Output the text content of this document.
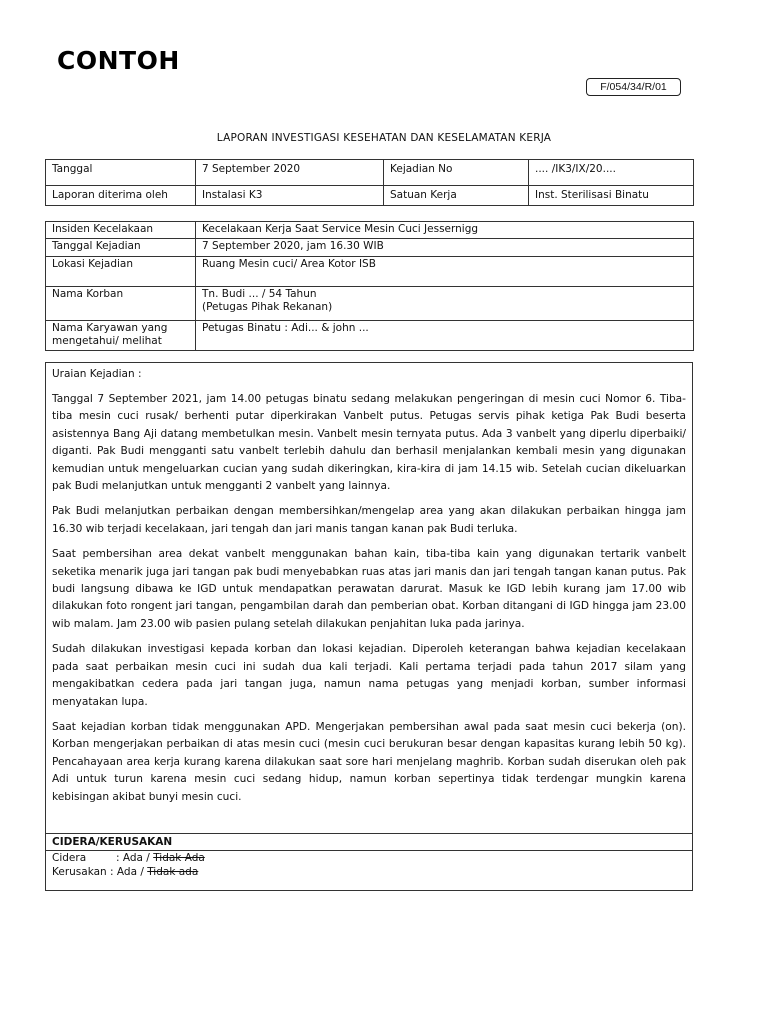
CONTOH
F/054/34/R/01
LAPORAN INVESTIGASI KESEHATAN DAN KESELAMATAN KERJA
Tanggal	7 September 2020	Kejadian No	.... /IK3/IX/20....
Laporan diterima oleh	Instalasi K3	Satuan Kerja	Inst. Sterilisasi Binatu
Insiden Kecelakaan	Kecelakaan Kerja Saat Service Mesin Cuci Jessernigg
Tanggal Kejadian	7 September 2020, jam 16.30 WIB
Lokasi Kejadian	Ruang Mesin cuci/ Area Kotor ISB
Nama Korban	Tn. Budi ... / 54 Tahun
(Petugas Pihak Rekanan)

Nama Karyawan yang
mengetahui/ melihat	Petugas Binatu : Adi... & john ...
Uraian Kejadian :

Tanggal 7 September 2021, jam 14.00 petugas binatu sedang melakukan pengeringan di mesin cuci Nomor 6. Tiba-tiba mesin cuci rusak/ berhenti putar diperkirakan Vanbelt putus. Petugas servis pihak ketiga Pak Budi beserta asistennya Bang Aji datang membetulkan mesin. Vanbelt mesin ternyata putus. Ada 3 vanbelt yang diperlu diperbaiki/ diganti. Pak Budi mengganti satu vanbelt terlebih dahulu dan berhasil menjalankan kembali mesin yang digunakan kemudian untuk mengeluarkan cucian yang sudah dikeringkan, kira-kira di jam 14.15 wib. Setelah cucian dikeluarkan pak Budi melanjutkan untuk mengganti 2 vanbelt yang lainnya.

Pak Budi melanjutkan perbaikan dengan membersihkan/mengelap area yang akan dilakukan perbaikan hingga jam 16.30 wib terjadi kecelakaan, jari tengah dan jari manis tangan kanan pak Budi terluka.

Saat pembersihan area dekat vanbelt menggunakan bahan kain, tiba-tiba kain yang digunakan tertarik vanbelt seketika menarik juga jari tangan pak budi menyebabkan ruas atas jari manis dan jari tengah tangan kanan putus. Pak budi langsung dibawa ke IGD untuk mendapatkan perawatan darurat. Masuk ke IGD lebih kurang jam 17.00 wib dilakukan foto rongent jari tangan, pengambilan darah dan pemberian obat. Korban ditangani di IGD hingga jam 23.00 wib malam. Jam 23.00 wib pasien pulang setelah dilakukan penjahitan luka pada jarinya.

Sudah dilakukan investigasi kepada korban dan lokasi kejadian. Diperoleh keterangan bahwa kejadian kecelakaan pada saat perbaikan mesin cuci ini sudah dua kali terjadi. Kali pertama terjadi pada tahun 2017 silam yang mengakibatkan cedera pada jari tangan juga, namun nama petugas yang menjadi korban, sumber informasi menyatakan lupa.

Saat kejadian korban tidak menggunakan APD. Mengerjakan pembersihan awal pada saat mesin cuci bekerja (on). Korban mengerjakan perbaikan di atas mesin cuci (mesin cuci berukuran besar dengan kapasitas kurang lebih 50 kg). Pencahayaan area kerja kurang karena dilakukan saat sore hari menjelang maghrib. Korban sudah diserukan oleh pak Adi untuk turun karena mesin cuci sedang hidup, namun korban sepertinya tidak terdengar mungkin karena kebisingan akibat bunyi mesin cuci.

CIDERA/KERUSAKAN
Cidera	: Ada / Tidak Ada
Kerusakan : Ada / Tidak ada
